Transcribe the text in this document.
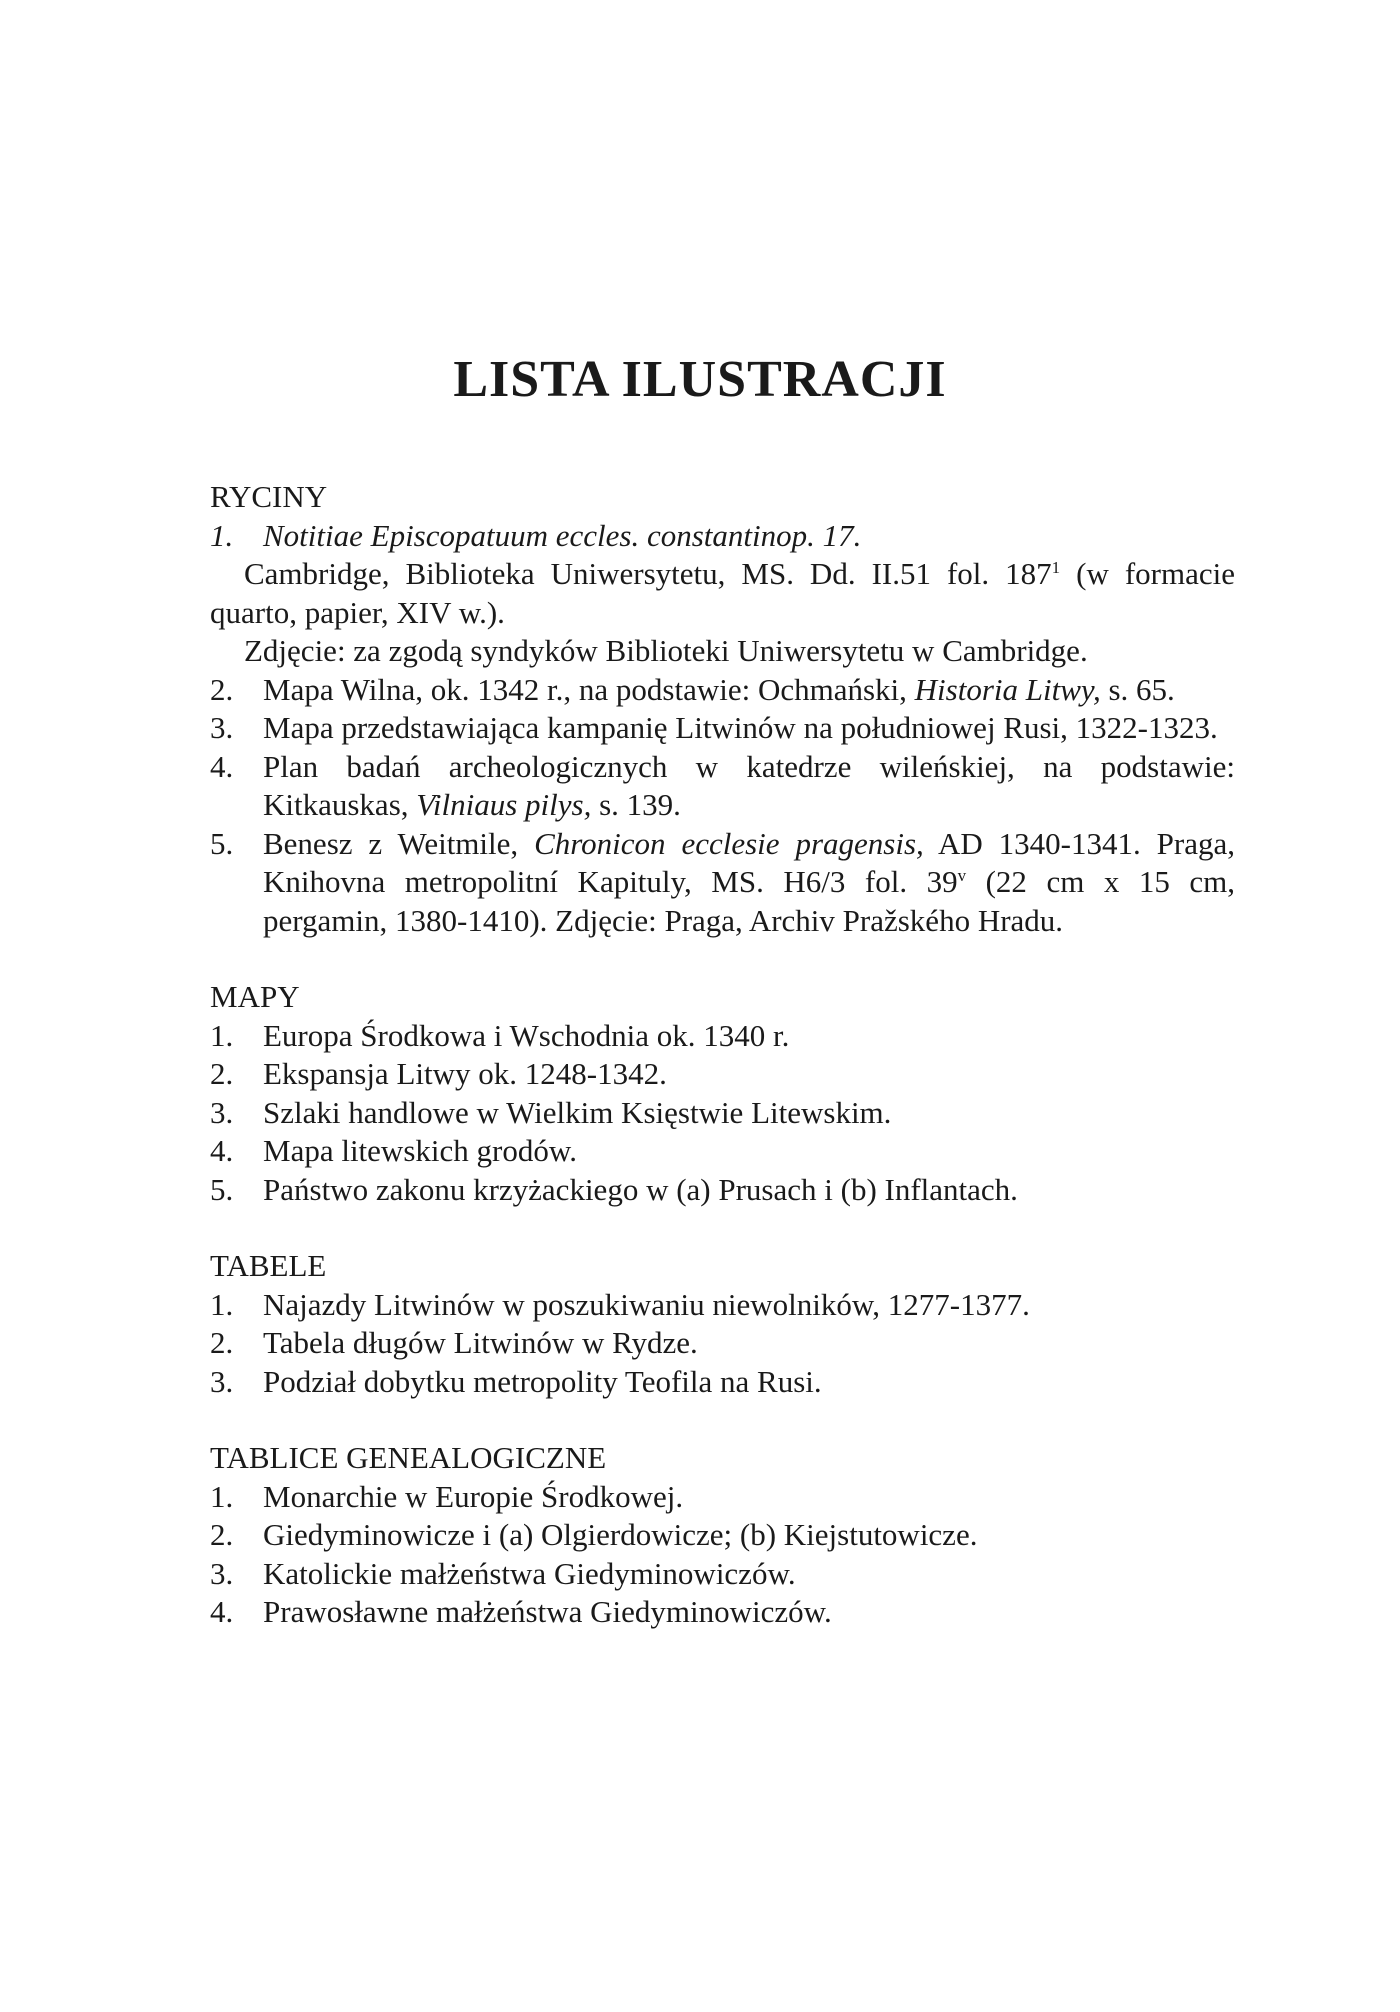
LISTA ILUSTRACJI

RYCINY

1. Notitiae Episcopatuum eccles. constantinop. 17.

Cambridge, Biblioteka Uniwersytetu, MS. Dd. II.51 fol. $187^1$ (w formacie quarto, papier, XIV w.).

Zdjęcie: za zgodą syndyków Biblioteki Uniwersytetu w Cambridge.

2. Mapa Wilna, ok. 1342 r., na podstawie: Ochmański, Historia Litwy, s. 65.
3. Mapa przedstawiająca kampanię Litwinów na południowej Rusi, 1322-1323.
4. Plan badań archeologicznych w katedrze wileńskiej, na podstawie: Kitkauskas, Vilniaus pilys, s. 139.
5. Benesz z Weitmile, Chronicon ecclesie pragensis, AD 1340-1341. Praga, Knihovna metropolitní Kapituly, MS. H6/3 fol. 39$^v$ (22 cm x 15 cm, pergamin, 1380-1410). Zdjęcie: Praga, Archiv Pražského Hradu.

MAPY

1. Europa Środkowa i Wschodnia ok. 1340 r.
2. Ekspansja Litwy ok. 1248-1342.
3. Szlaki handlowe w Wielkim Księstwie Litewskim.
4. Mapa litewskich grodów.
5. Państwo zakonu krzyżackiego w (a) Prusach i (b) Inflantach.

TABELE

1. Najazdy Litwinów w poszukiwaniu niewolników, 1277-1377.
2. Tabela długów Litwinów w Rydze.
3. Podział dobytku metropolity Teofila na Rusi.

TABLICE GENEALOGICZNE

1. Monarchie w Europie Środkowej.
2. Giedyminowicze i (a) Olgierdowicze; (b) Kiejstutowicze.
3. Katolickie małżeństwa Giedyminowiczów.
4. Prawosławne małżeństwa Giedyminowiczów.
